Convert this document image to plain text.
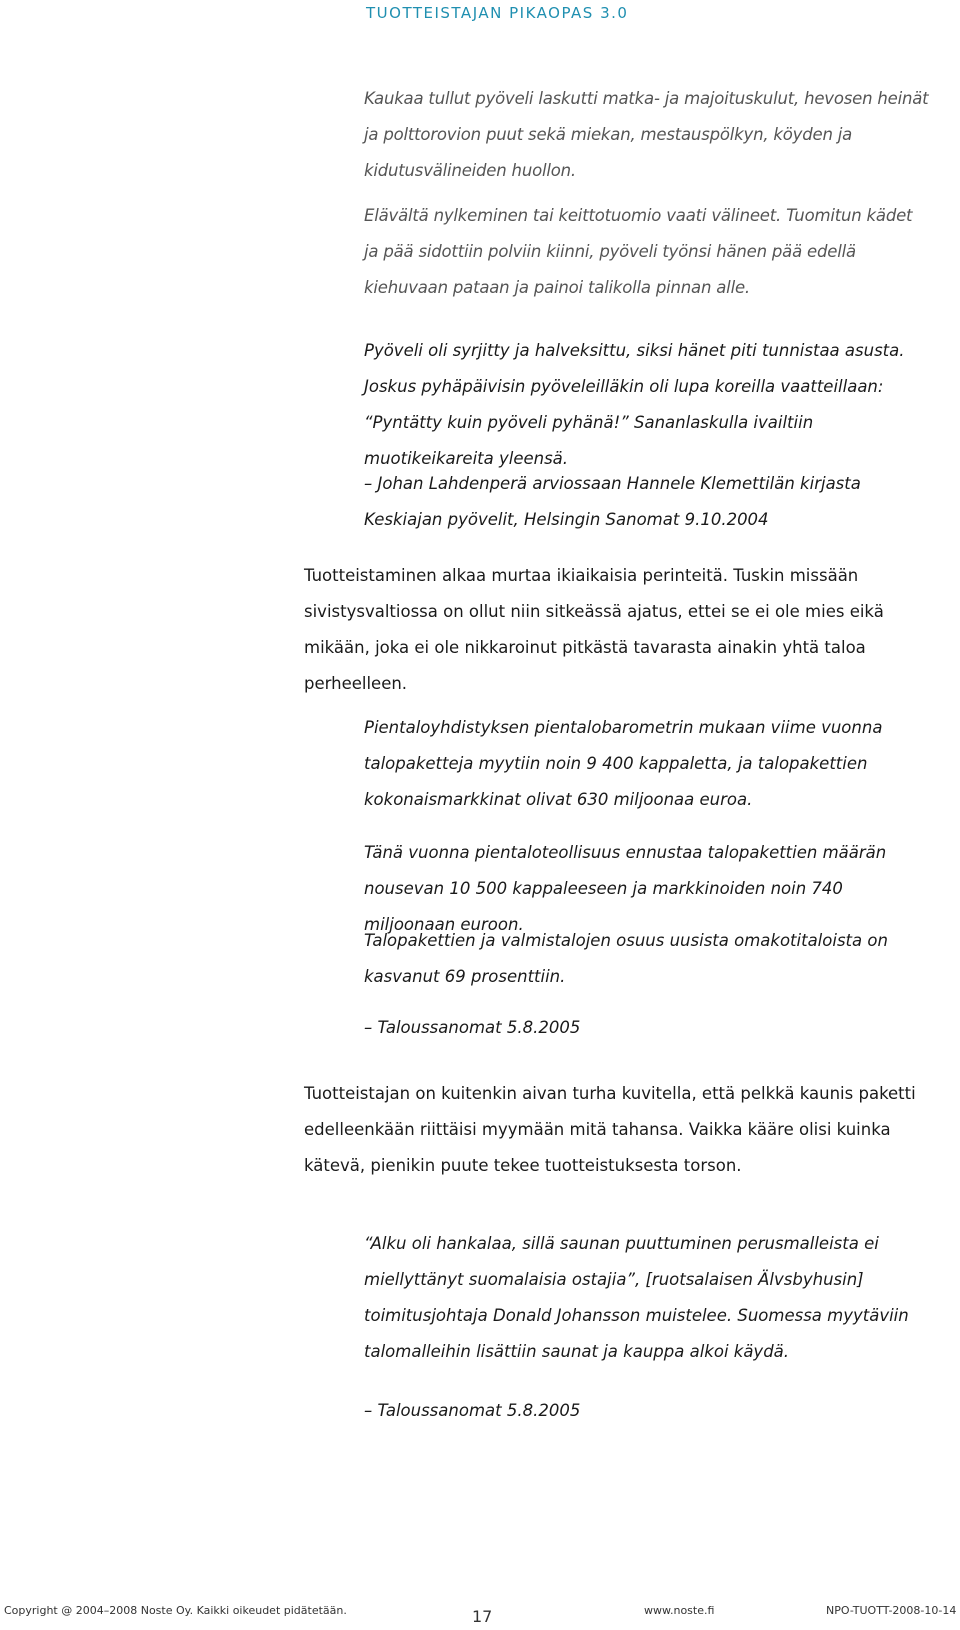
TUOTTEISTAJAN PIKAOPAS 3.0

Kaukaa tullut pyöveli laskutti matka- ja majoituskulut, hevosen heinät ja polttorovion puut sekä miekan, mestauspölkyn, köyden ja kidutusvälineiden huollon.

Elävältä nylkeminen tai keittotuomio vaati välineet. Tuomitun kädet ja pää sidottiin polviin kiinni, pyöveli työnsi hänen pää edellä kiehuvaan pataan ja painoi talikolla pinnan alle.

Pyöveli oli syrjitty ja halveksittu, siksi hänet piti tunnistaa asusta. Joskus pyhäpäivisin pyöveleilläkin oli lupa koreilla vaatteillaan: “Pyntätty kuin pyöveli pyhänä!” Sananlaskulla ivailtiin muotikeikareita yleensä.

– Johan Lahdenperä arviossaan Hannele Klemettilän kirjasta Keskiajan pyövelit, Helsingin Sanomat 9.10.2004

Tuotteistaminen alkaa murtaa ikiaikaisia perinteitä. Tuskin missään sivistysvaltiossa on ollut niin sitkeässä ajatus, ettei se ei ole mies eikä mikään, joka ei ole nikkaroinut pitkästä tavarasta ainakin yhtä taloa perheelleen.

Pientaloyhdistyksen pientalobarometrin mukaan viime vuonna talopaketteja myytiin noin 9 400 kappaletta, ja talopakettien kokonaismarkkinat olivat 630 miljoonaa euroa.

Tänä vuonna pientaloteollisuus ennustaa talopakettien määrän nousevan 10 500 kappaleeseen ja markkinoiden noin 740 miljoonaan euroon.

Talopakettien ja valmistalojen osuus uusista omakotitaloista on kasvanut 69 prosenttiin.

– Taloussanomat 5.8.2005

Tuotteistajan on kuitenkin aivan turha kuvitella, että pelkkä kaunis paketti edelleenkään riittäisi myymään mitä tahansa. Vaikka kääre olisi kuinka kätevä, pienikin puute tekee tuotteistuksesta torson.

“Alku oli hankalaa, sillä saunan puuttuminen perusmalleista ei miellyttänyt suomalaisia ostajia”, [ruotsalaisen Älvsbyhusin] toimitusjohtaja Donald Johansson muistelee. Suomessa myytäviin talomalleihin lisättiin saunat ja kauppa alkoi käydä.

– Taloussanomat 5.8.2005

Copyright @ 2004–2008 Noste Oy. Kaikki oikeudet pidätetään.	17	www.noste.fi	NPO-TUOTT-2008-10-14
